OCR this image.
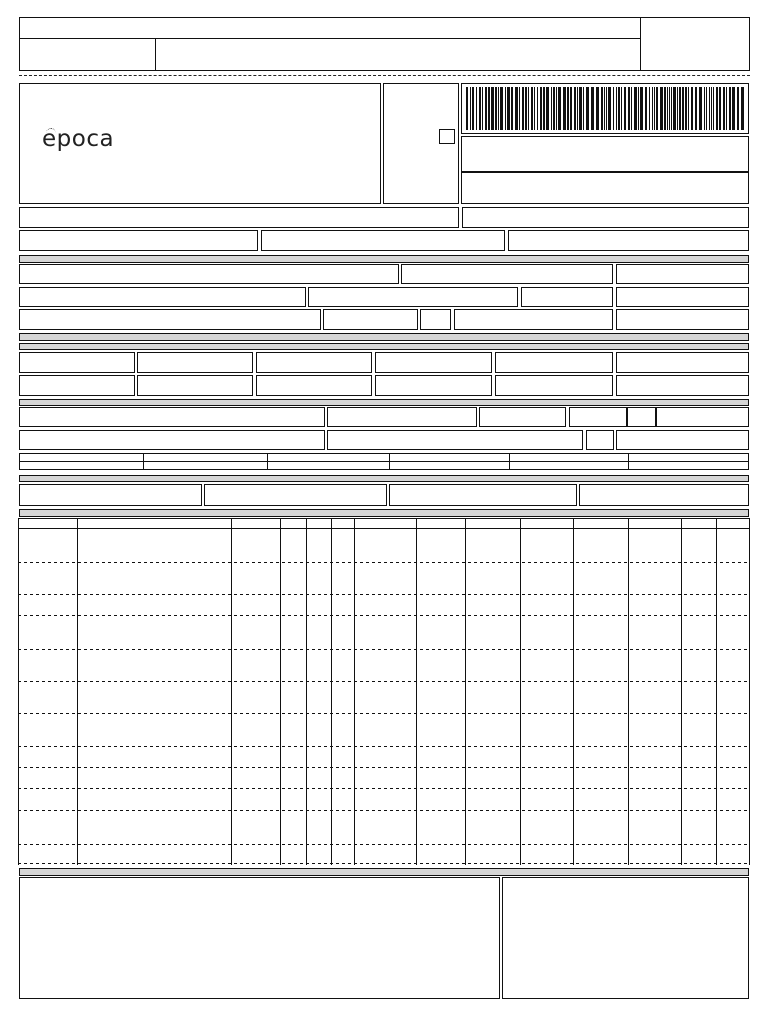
epoca
